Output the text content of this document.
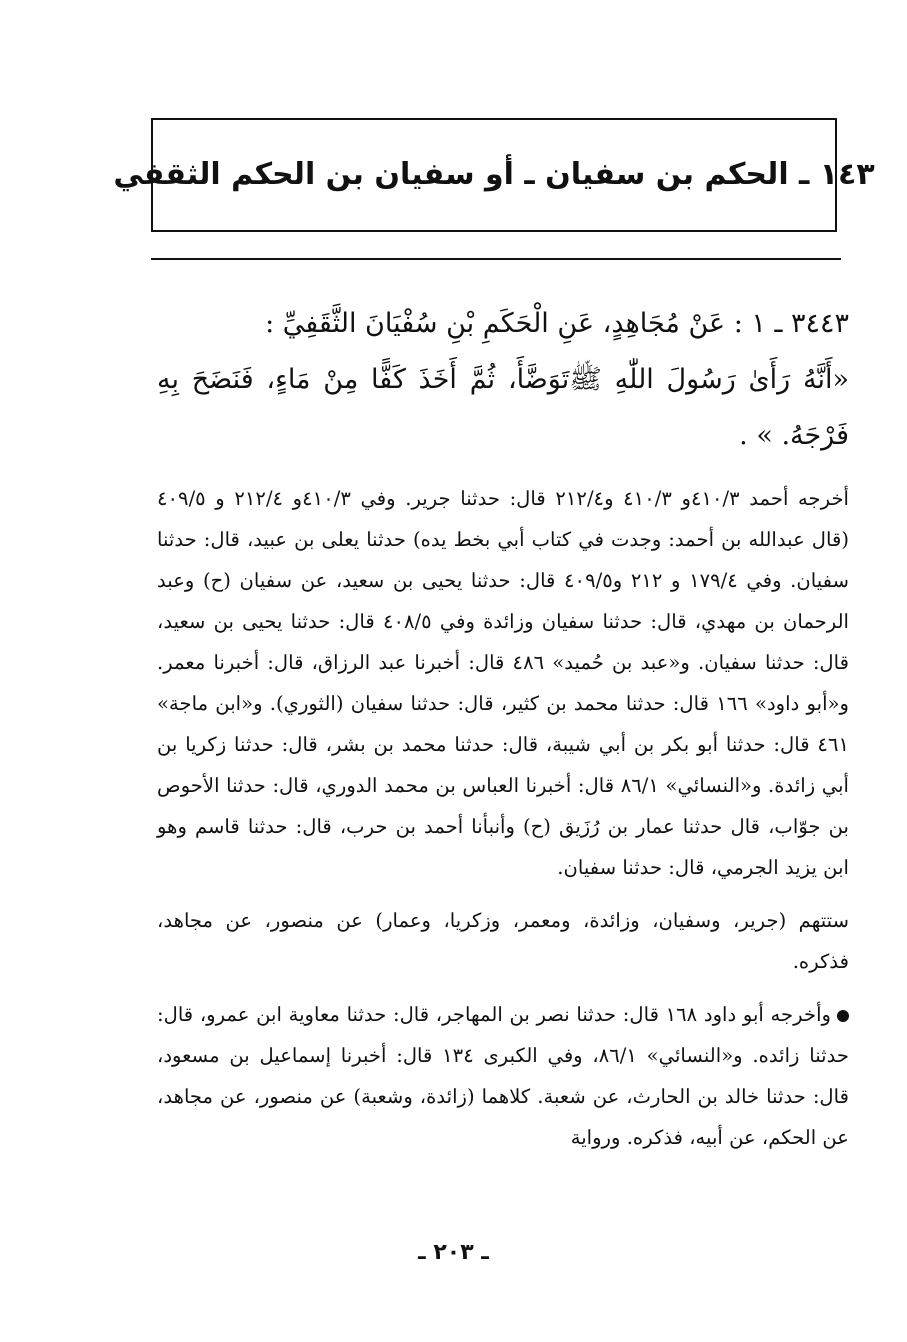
١٤٣ ـ الحكم بن سفيان ـ أو سفيان بن الحكم الثقفي

٣٤٤٣ ـ ١ : عَنْ مُجَاهِدٍ، عَنِ الْحَكَمِ بْنِ سُفْيَانَ الثَّقَفِيِّ :

«أَنَّهُ رَأَىٰ رَسُولَ اللّٰهِ ﷺتَوَضَّأَ، ثُمَّ أَخَذَ كَفًّا مِنْ مَاءٍ، فَنَضَحَ بِهِ فَرْجَهُ. » .

أخرجه أحمد ٤١٠/٣و ٤١٠/٣ و٢١٢/٤ قال: حدثنا جرير. وفي ٤١٠/٣و ٢١٢/٤ و ٤٠٩/٥ (قال عبدالله بن أحمد: وجدت في كتاب أبي بخط يده) حدثنا يعلى بن عبيد، قال: حدثنا سفيان. وفي ١٧٩/٤ و ٢١٢ و٤٠٩/٥ قال: حدثنا يحيى بن سعيد، عن سفيان (ح) وعبد الرحمان بن مهدي، قال: حدثنا سفيان وزائدة وفي ٤٠٨/٥ قال: حدثنا يحيى بن سعيد، قال: حدثنا سفيان. و«عبد بن حُميد» ٤٨٦ قال: أخبرنا عبد الرزاق، قال: أخبرنا معمر. و«أبو داود» ١٦٦ قال: حدثنا محمد بن كثير، قال: حدثنا سفيان (الثوري). و«ابن ماجة» ٤٦١ قال: حدثنا أبو بكر بن أبي شيبة، قال: حدثنا محمد بن بشر، قال: حدثنا زكريا بن أبي زائدة. و«النسائي» ٨٦/١ قال: أخبرنا العباس بن محمد الدوري، قال: حدثنا الأحوص بن جوّاب، قال حدثنا عمار بن رُزَيق (ح) وأنبأنا أحمد بن حرب، قال: حدثنا قاسم وهو ابن يزيد الجرمي، قال: حدثنا سفيان.

ستتهم (جرير، وسفيان، وزائدة، ومعمر، وزكريا، وعمار) عن منصور، عن مجاهد، فذكره.

وأخرجه أبو داود ١٦٨ قال: حدثنا نصر بن المهاجر، قال: حدثنا معاوية ابن عمرو، قال: حدثنا زائده. و«النسائي» ٨٦/١، وفي الكبرى ١٣٤ قال: أخبرنا إسماعيل بن مسعود، قال: حدثنا خالد بن الحارث، عن شعبة. كلاهما (زائدة، وشعبة) عن منصور، عن مجاهد، عن الحكم، عن أبيه، فذكره. ورواية

ـ ٢٠٣ ـ
